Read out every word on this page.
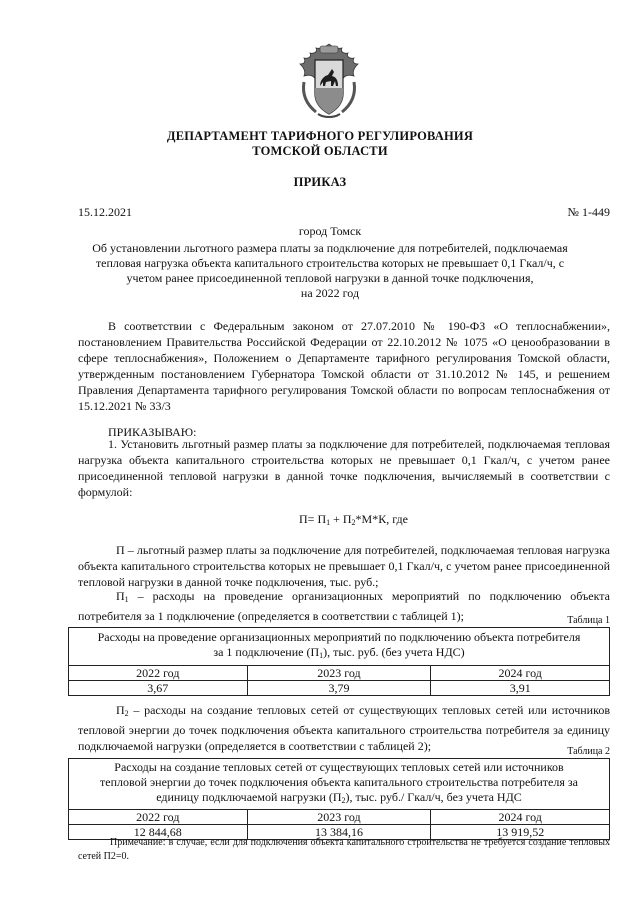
ДЕПАРТАМЕНТ ТАРИФНОГО РЕГУЛИРОВАНИЯ
ТОМСКОЙ ОБЛАСТИ
ПРИКАЗ
15.12.2021	№ 1-449
город Томск
Об установлении льготного размера платы за подключение для потребителей, подключаемая
тепловая нагрузка объекта капитального строительства которых не превышает 0,1 Гкал/ч, с
учетом ранее присоединенной тепловой нагрузки в данной точке подключения,
на 2022 год
В соответствии с Федеральным законом от 27.07.2010 № 190-ФЗ «О теплоснабжении», постановлением Правительства Российской Федерации от 22.10.2012 № 1075 «О ценообразовании в сфере теплоснабжения», Положением о Департаменте тарифного регулирования Томской области, утвержденным постановлением Губернатора Томской области от 31.10.2012 № 145, и решением Правления Департамента тарифного регулирования Томской области по вопросам теплоснабжения от 15.12.2021 № 33/3
ПРИКАЗЫВАЮ:
1. Установить льготный размер платы за подключение для потребителей, подключаемая тепловая нагрузка объекта капитального строительства которых не превышает 0,1 Гкал/ч, с учетом ранее присоединенной тепловой нагрузки в данной точке подключения, вычисляемый в соответствии с формулой:
$П= П_1 + П_2*М*К$, где
П – льготный размер платы за подключение для потребителей, подключаемая тепловая нагрузка объекта капитального строительства которых не превышает 0,1 Гкал/ч, с учетом ранее присоединенной тепловой нагрузки в данной точке подключения, тыс. руб.;
$П_1$ – расходы на проведение организационных мероприятий по подключению объекта потребителя за 1 подключение (определяется в соответствии с таблицей 1);	Таблица 1
Расходы на проведение организационных мероприятий по подключению объекта потребителя
за 1 подключение $(П_1)$, тыс. руб. (без учета НДС)		

2022 год	2023 год	2024 год
3,67	3,79	3,91
$П_2$ – расходы на создание тепловых сетей от существующих тепловых сетей или источников тепловой энергии до точек подключения объекта капитального строительства потребителя за единицу подключаемой нагрузки (определяется в соответствии с таблицей 2);	Таблица 2
Расходы на создание тепловых сетей от существующих тепловых сетей или источников
тепловой энергии до точек подключения объекта капитального строительства потребителя за
единицу подключаемой нагрузки $(П_2)$, тыс. руб./ Гкал/ч, без учета НДС		

2022 год	2023 год	2024 год
12 844,68	13 384,16	13 919,52
Примечание: в случае, если для подключения объекта капитального строительства не требуется создание тепловых сетей П2=0.
